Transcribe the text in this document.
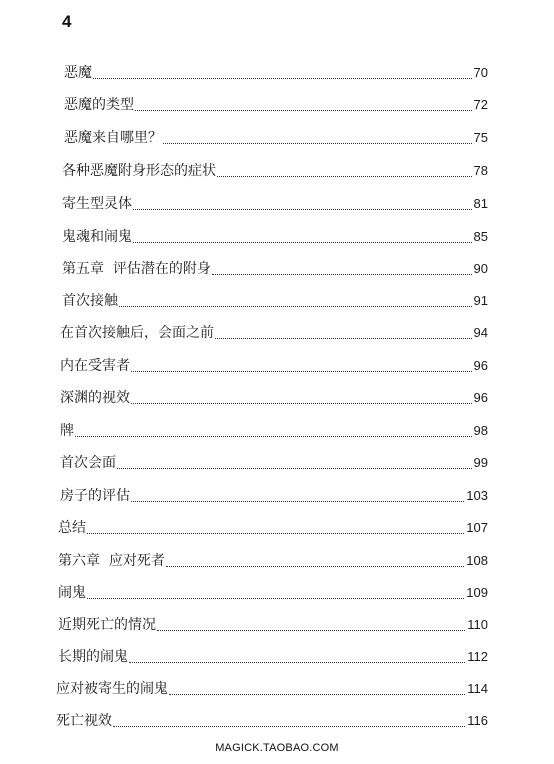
4
恶魔	70
恶魔的类型	72
恶魔来自哪里？	75
各种恶魔附身形态的症状	78
寄生型灵体	81
鬼魂和闹鬼	85
第五章  评估潜在的附身	90
首次接触	91
在首次接触后，会面之前	94
内在受害者	96
深渊的视效	96
牌	98
首次会面	99
房子的评估	103
总结	107
第六章  应对死者	108
闹鬼	109
近期死亡的情况	110
长期的闹鬼	112
应对被寄生的闹鬼	114
死亡视效	116
MAGICK.TAOBAO.COM
